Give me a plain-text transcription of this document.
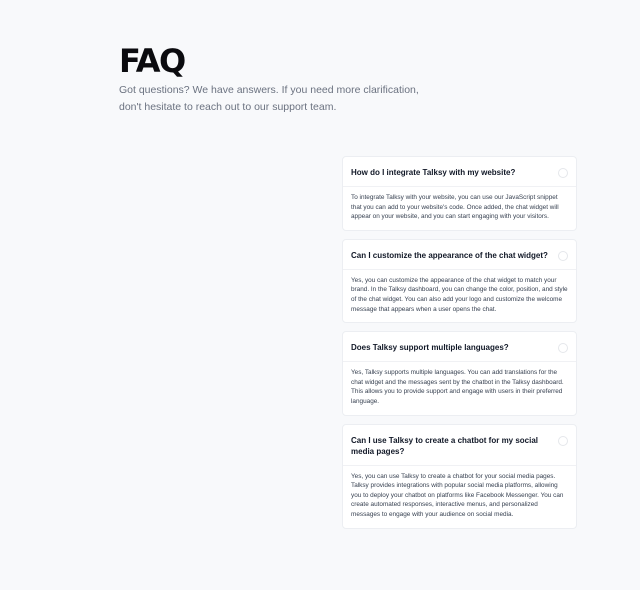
FAQ

Got questions? We have answers. If you need more clarification, don't hesitate to reach out to our support team.

How do I integrate Talksy with my website?

To integrate Talksy with your website, you can use our JavaScript snippet that you can add to your website's code. Once added, the chat widget will appear on your website, and you can start engaging with your visitors.

Can I customize the appearance of the chat widget?

Yes, you can customize the appearance of the chat widget to match your brand. In the Talksy dashboard, you can change the color, position, and style of the chat widget. You can also add your logo and customize the welcome message that appears when a user opens the chat.

Does Talksy support multiple languages?

Yes, Talksy supports multiple languages. You can add translations for the chat widget and the messages sent by the chatbot in the Talksy dashboard. This allows you to provide support and engage with users in their preferred language.

Can I use Talksy to create a chatbot for my social media pages?

Yes, you can use Talksy to create a chatbot for your social media pages. Talksy provides integrations with popular social media platforms, allowing you to deploy your chatbot on platforms like Facebook Messenger. You can create automated responses, interactive menus, and personalized messages to engage with your audience on social media.
